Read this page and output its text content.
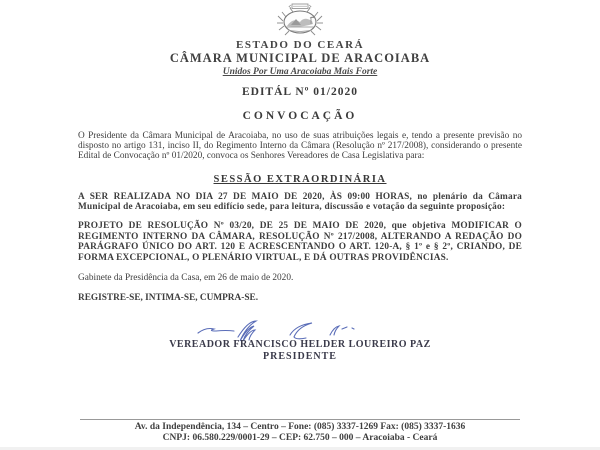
ESTADO DO CEARÁ
CÂMARA MUNICIPAL DE ARACOIABA
Unidos Por Uma Aracoiaba Mais Forte
EDITÁL Nº 01/2020
CONVOCAÇÃO

O Presidente da Câmara Municipal de Aracoiaba, no uso de suas atribuições legais e, tendo a presente previsão no disposto no artigo 131, inciso II, do Regimento Interno da Câmara (Resolução nº 217/2008), considerando o presente Edital de Convocação nº 01/2020, convoca os Senhores Vereadores de Casa Legislativa para:

SESSÃO EXTRAORDINÁRIA

A SER REALIZADA NO DIA 27 DE MAIO DE 2020, ÀS 09:00 HORAS, no plenário da Câmara Municipal de Aracoiaba, em seu edifício sede, para leitura, discussão e votação da seguinte proposição:

PROJETO DE RESOLUÇÃO Nº 03/20, DE 25 DE MAIO DE 2020, que objetiva MODIFICAR O REGIMENTO INTERNO DA CÂMARA, RESOLUÇÃO Nº 217/2008, ALTERANDO A REDAÇÃO DO PARÁGRAFO ÚNICO DO ART. 120 E ACRESCENTANDO O ART. 120-A, § 1º e § 2º, CRIANDO, DE FORMA EXCEPCIONAL, O PLENÁRIO VIRTUAL, E DÁ OUTRAS PROVIDÊNCIAS.

Gabinete da Presidência da Casa, em 26 de maio de 2020.

REGISTRE-SE, INTIMA-SE, CUMPRA-SE.

VEREADOR FRANCISCO HELDER LOUREIRO PAZ
PRESIDENTE
Av. da Independência, 134 – Centro – Fone: (085) 3337-1269 Fax: (085) 3337-1636
CNPJ: 06.580.229/0001-29 – CEP: 62.750 – 000 – Aracoiaba - Ceará
